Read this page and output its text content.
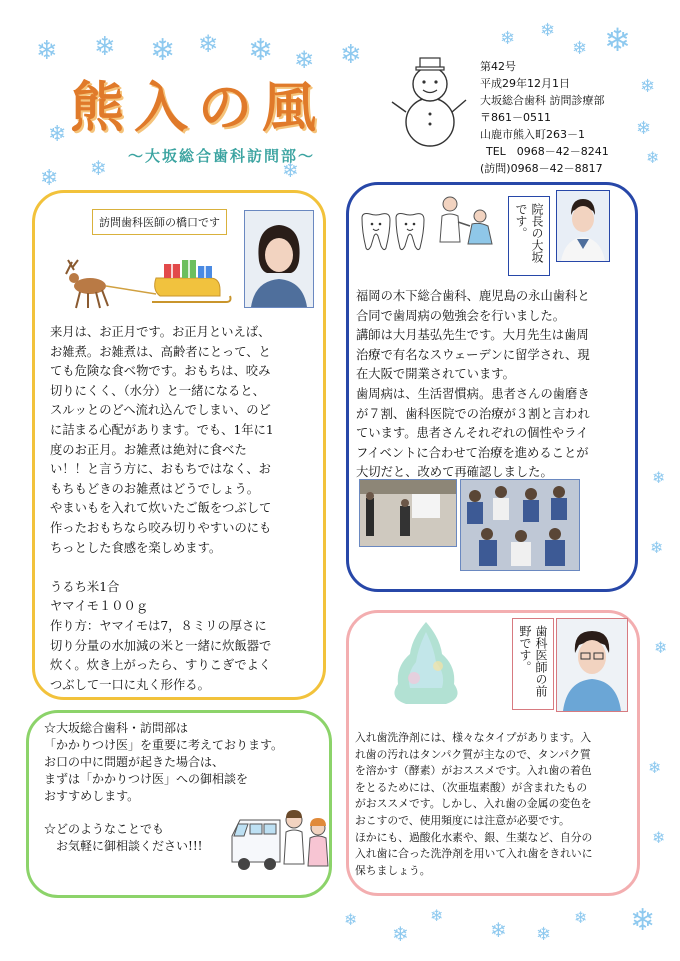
❄ ❄ ❄ ❄ ❄ ❄ ❄
❄ ❄
❄ ❄
❄
❄
❄
❄
❄
❄	❄
❄
❄
❄
❄
❄
❄
❄
❄
❄
❄ ❄
❄
熊入の風
～大坂総合歯科訪問部～
第42号
平成29年12月1日
大坂総合歯科 訪問診療部
〒861－0511
山鹿市熊入町263－1
TEL　0968－42－8241
(訪問)0968－42－8817
訪問歯科医師の橋口です
来月は、お正月です。お正月といえば、
お雑煮。お雑煮は、高齢者にとって、と
ても危険な食べ物です。おもちは、咬み
切りにくく、（水分）と一緒になると、
スルッとのどへ流れ込んでしまい、のど
に詰まる心配があります。でも、1年に1
度のお正月。お雑煮は絶対に食べた
い！！と言う方に、おもちではなく、お
もちもどきのお雑煮はどうでしょう。
やまいもを入れて炊いたご飯をつぶして
作ったおもちなら咬み切りやすいのにも
ちっとした食感を楽しめます。
うるち米1合
ヤマイモ１００ｇ
作り方：ヤマイモは7，８ミリの厚さに
切り分量の水加減の米と一緒に炊飯器で
炊く。炊き上がったら、すりこぎでよく
つぶして一口に丸く形作る。
院長の大坂です。
福岡の木下総合歯科、鹿児島の永山歯科と
合同で歯周病の勉強会を行いました。
講師は大月基弘先生です。大月先生は歯周
治療で有名なスウェーデンに留学され、現
在大阪で開業されています。
歯周病は、生活習慣病。患者さんの歯磨き
が７割、歯科医院での治療が３割と言われ
ています。患者さんそれぞれの個性やライ
フイベントに合わせて治療を進めることが
大切だと、改めて再確認しました。
歯科医師の前野です。
入れ歯洗浄剤には、様々なタイプがあります。入
れ歯の汚れはタンパク質が主なので、タンパク質
を溶かす（酵素）がおススメです。入れ歯の着色
をとるためには、（次亜塩素酸）が含まれたもの
がおススメです。しかし、入れ歯の金属の変色を
おこすので、使用頻度には注意が必要です。
ほかにも、過酸化水素や、銀、生薬など、自分の
入れ歯に合った洗浄剤を用いて入れ歯をきれいに
保ちましょう。
☆大坂総合歯科・訪問部は
「かかりつけ医」を重要に考えております。
お口の中に問題が起きた場合は、
まずは「かかりつけ医」への御相談を
おすすめします。
☆どのようなことでも
　お気軽に御相談ください!!!
